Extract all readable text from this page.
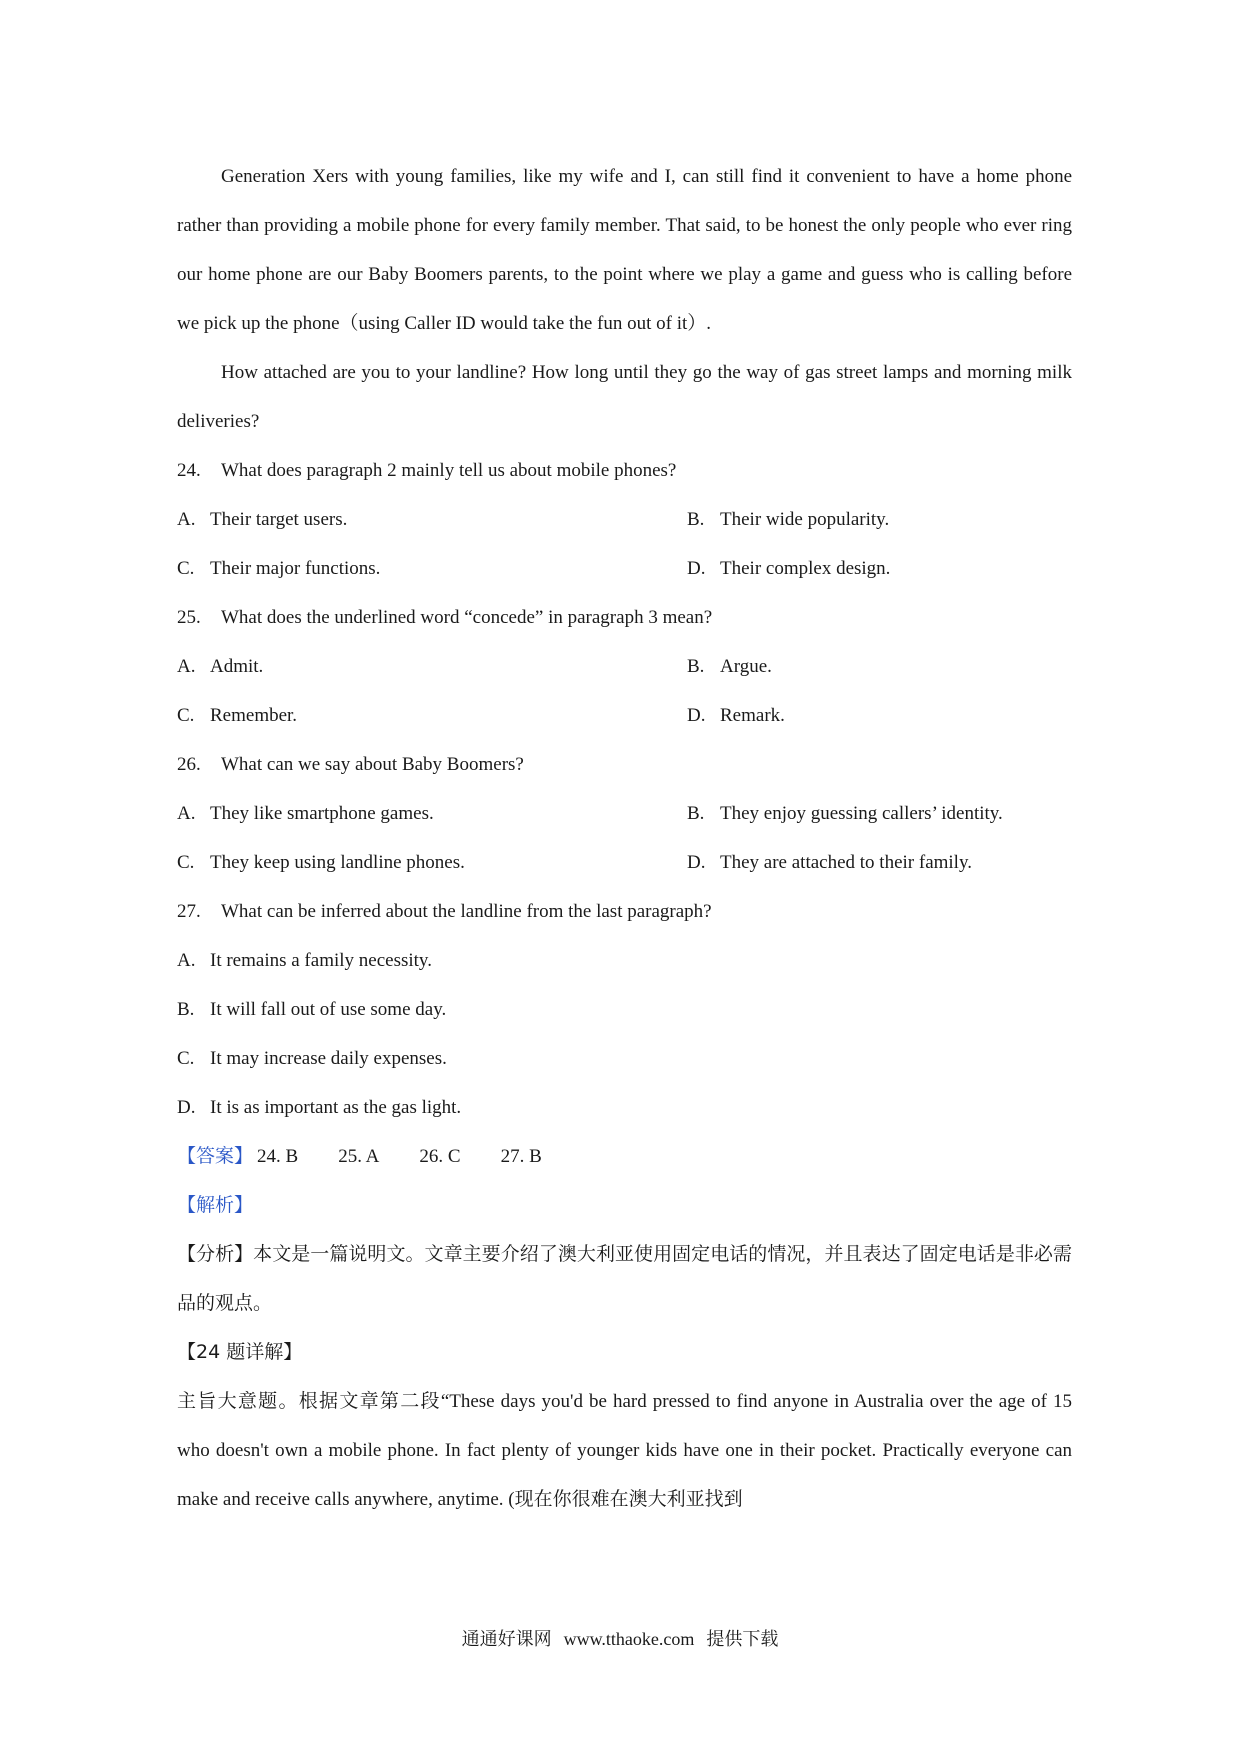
Generation Xers with young families, like my wife and I, can still find it convenient to have a home phone rather than providing a mobile phone for every family member. That said, to be honest the only people who ever ring our home phone are our Baby Boomers parents, to the point where we play a game and guess who is calling before we pick up the phone（using Caller ID would take the fun out of it）.
How attached are you to your landline? How long until they go the way of gas street lamps and morning milk deliveries?
24. What does paragraph 2 mainly tell us about mobile phones?
A. Their target users.	B. Their wide popularity.
C. Their major functions.	D. Their complex design.
25. What does the underlined word “concede” in paragraph 3 mean?
A. Admit.	B. Argue.
C. Remember.	D. Remark.
26. What can we say about Baby Boomers?
A. They like smartphone games.	B. They enjoy guessing callers’ identity.
C. They keep using landline phones.	D. They are attached to their family.
27. What can be inferred about the landline from the last paragraph?
A. It remains a family necessity.
B. It will fall out of use some day.
C. It may increase daily expenses.
D. It is as important as the gas light.
【答案】 24. B 25. A 26. C 27. B
【解析】
【分析】本文是一篇说明文。文章主要介绍了澳大利亚使用固定电话的情况，并且表达了固定电话是非必需品的观点。
【24 题详解】
主旨大意题。根据文章第二段“These days you'd be hard pressed to find anyone in Australia over the age of 15 who doesn't own a mobile phone. In fact plenty of younger kids have one in their pocket. Practically everyone can make and receive calls anywhere, anytime. (现在你很难在澳大利亚找到
通通好课网 www.tthaoke.com 提供下载
